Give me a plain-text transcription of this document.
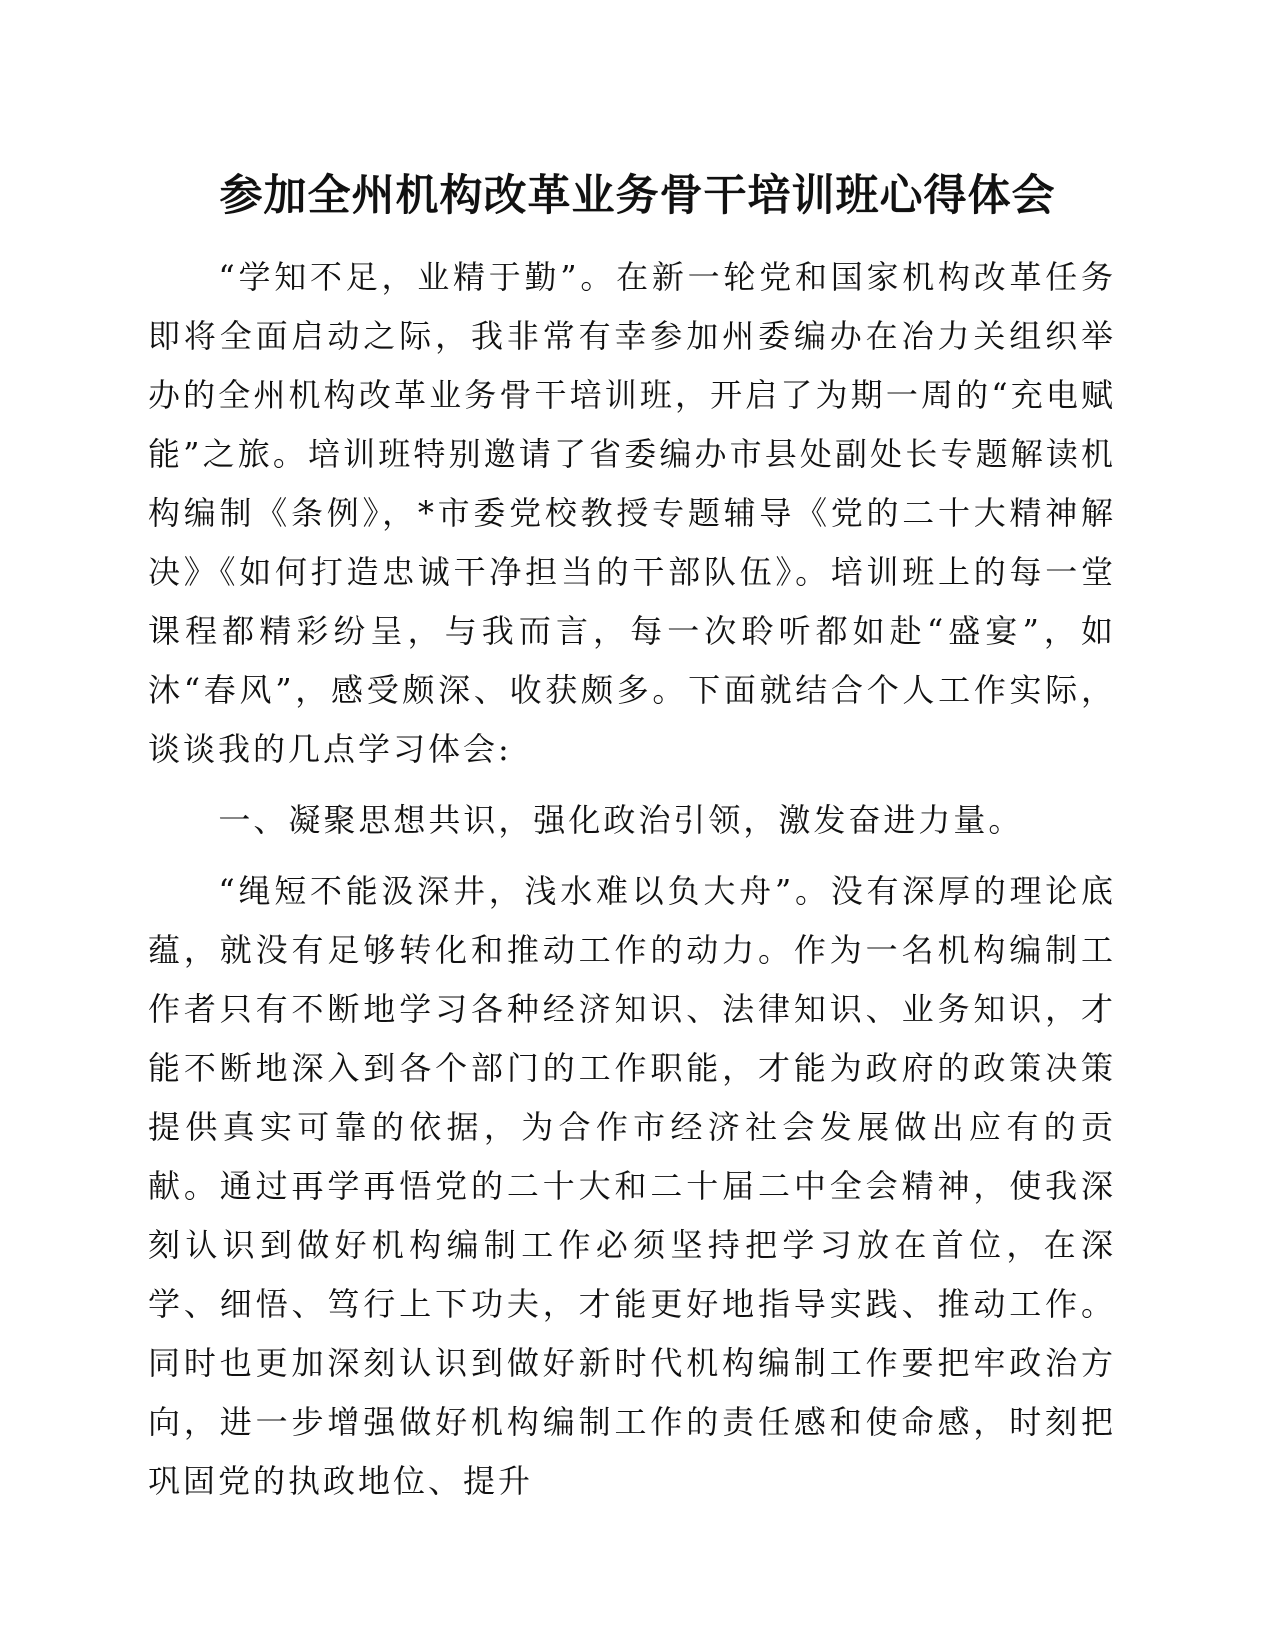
参加全州机构改革业务骨干培训班心得体会

“学知不足，业精于勤”。在新一轮党和国家机构改革任务即将全面启动之际，我非常有幸参加州委编办在冶力关组织举办的全州机构改革业务骨干培训班，开启了为期一周的“充电赋能”之旅。培训班特别邀请了省委编办市县处副处长专题解读机构编制《条例》，*市委党校教授专题辅导《党的二十大精神解决》《如何打造忠诚干净担当的干部队伍》。培训班上的每一堂课程都精彩纷呈，与我而言，每一次聆听都如赴“盛宴”，如沐“春风”，感受颇深、收获颇多。下面就结合个人工作实际，谈谈我的几点学习体会:

一、凝聚思想共识，强化政治引领，激发奋进力量。

“绳短不能汲深井，浅水难以负大舟”。没有深厚的理论底蕴，就没有足够转化和推动工作的动力。作为一名机构编制工作者只有不断地学习各种经济知识、法律知识、业务知识，才能不断地深入到各个部门的工作职能，才能为政府的政策决策提供真实可靠的依据，为合作市经济社会发展做出应有的贡献。通过再学再悟党的二十大和二十届二中全会精神，使我深刻认识到做好机构编制工作必须坚持把学习放在首位，在深学、细悟、笃行上下功夫，才能更好地指导实践、推动工作。同时也更加深刻认识到做好新时代机构编制工作要把牢政治方向，进一步增强做好机构编制工作的责任感和使命感，时刻把巩固党的执政地位、提升
